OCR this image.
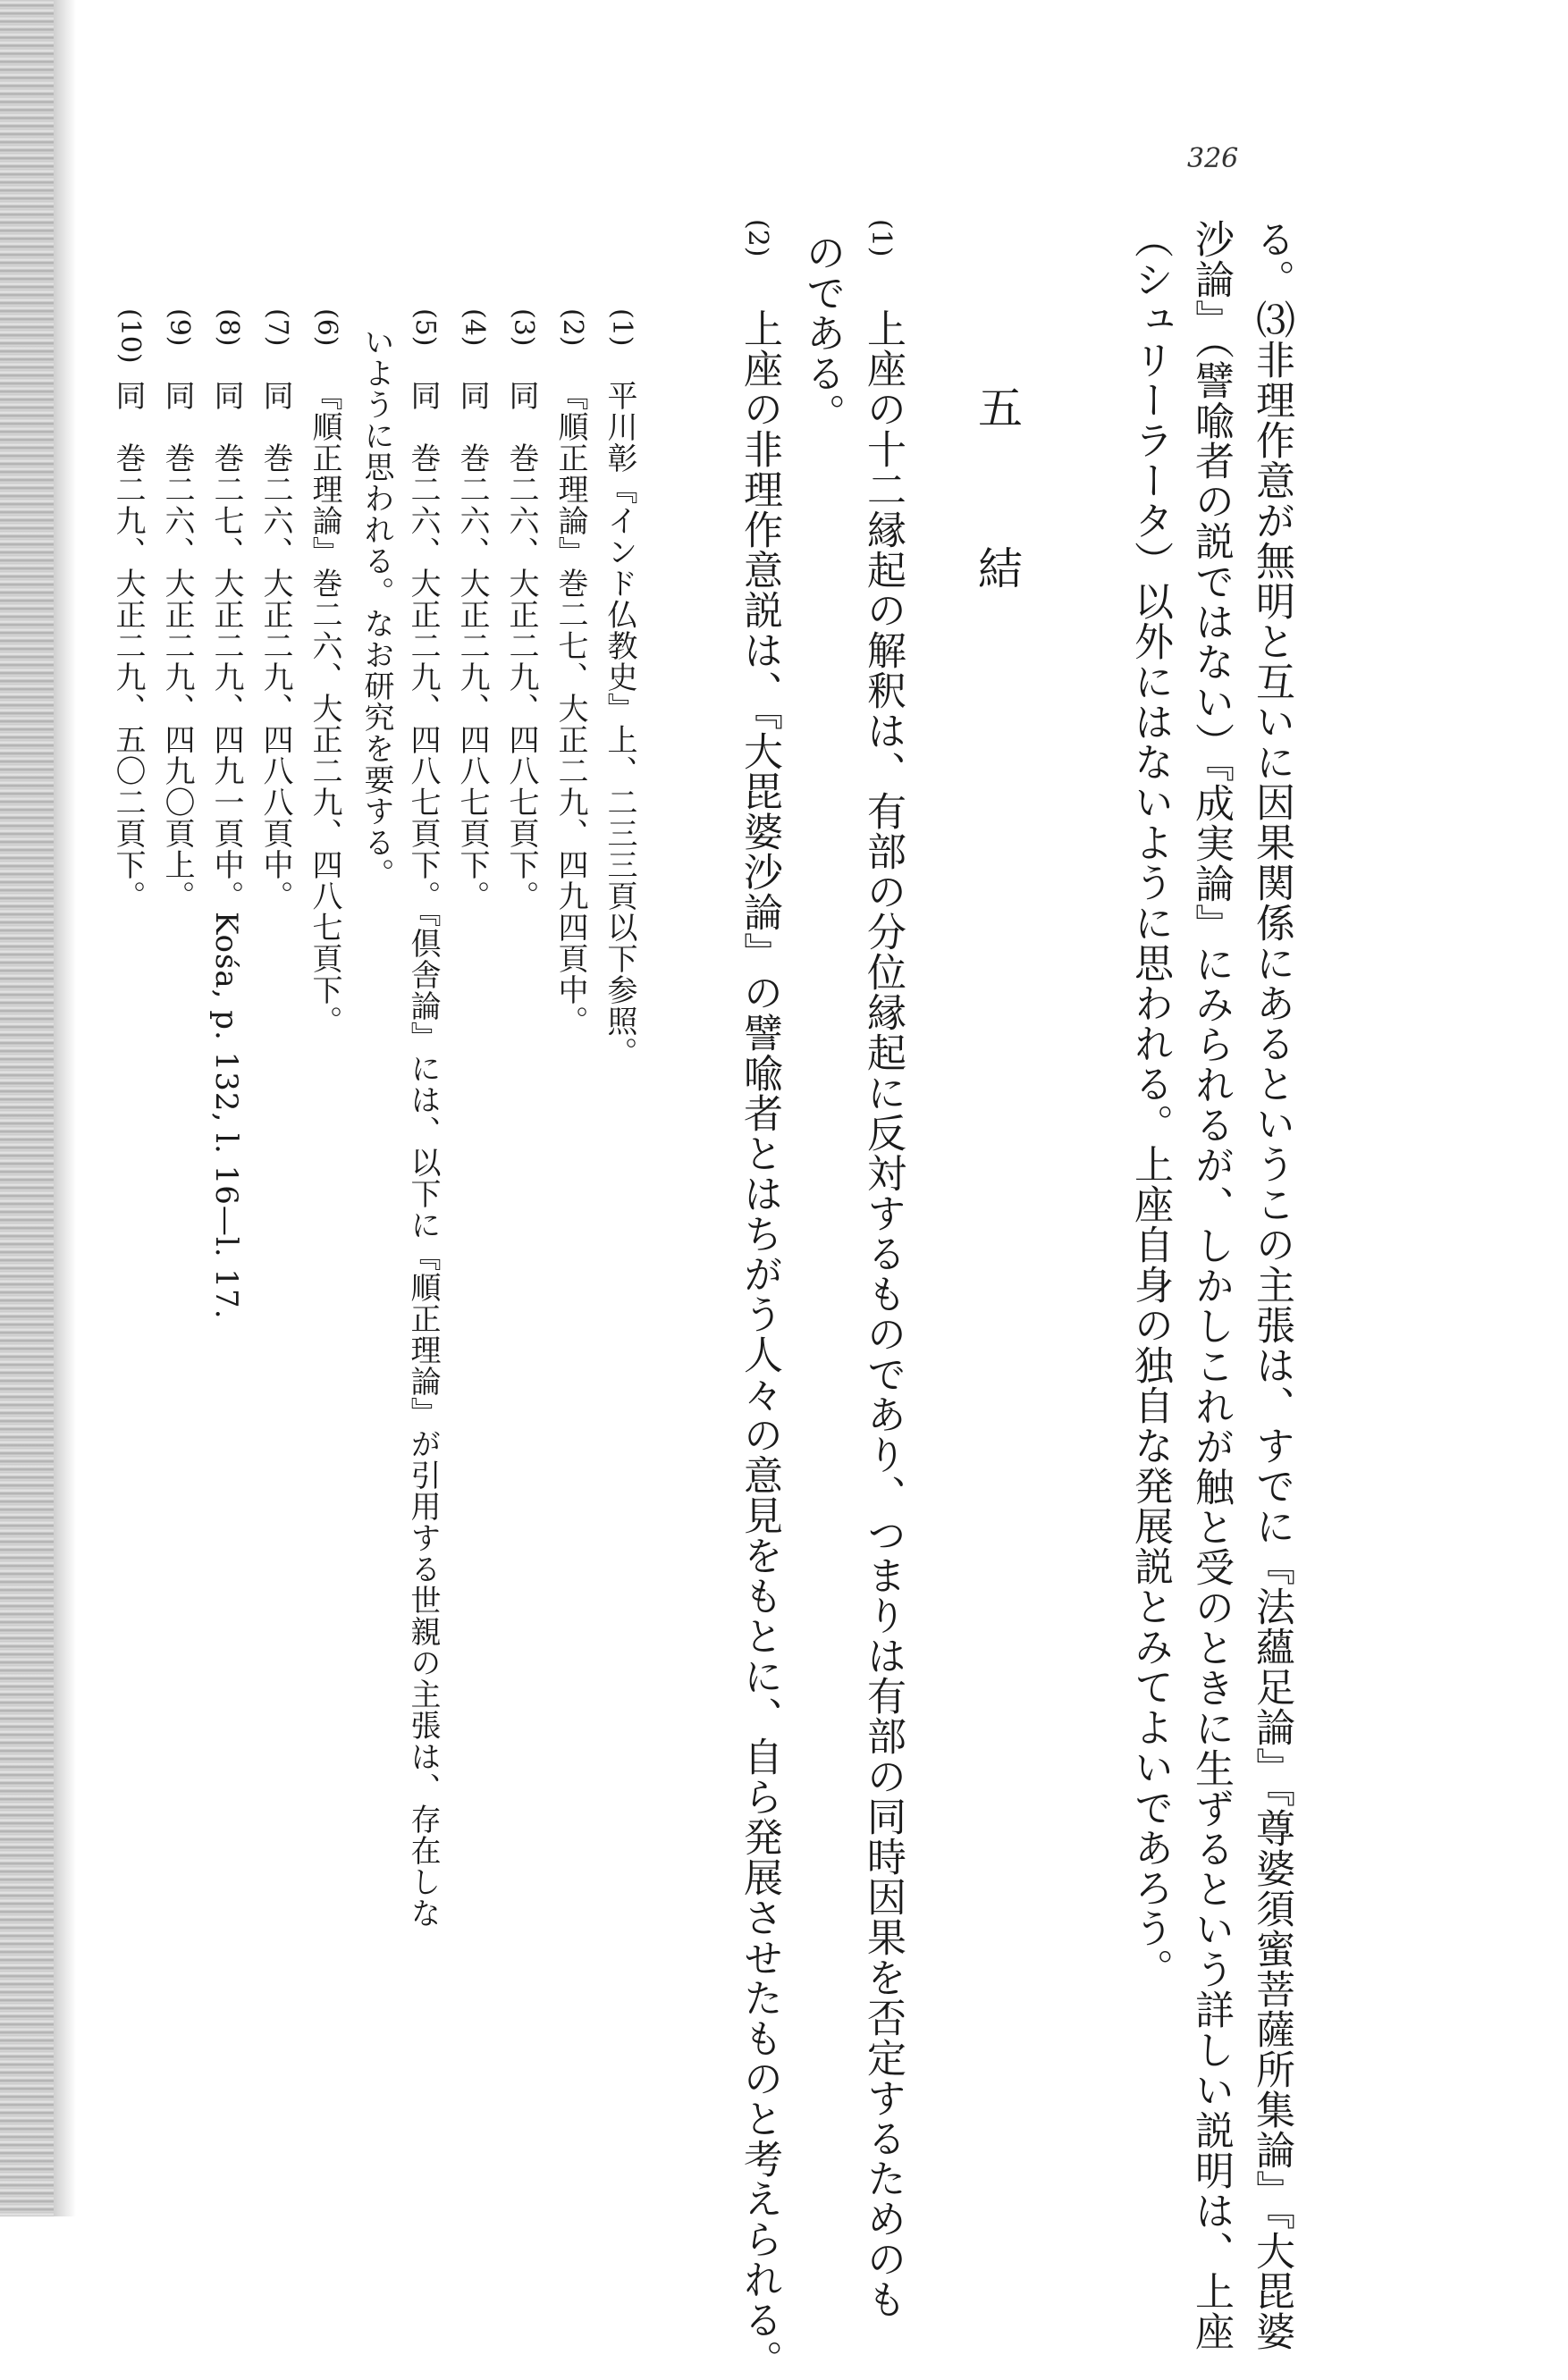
326
る。⑶非理作意が無明と互いに因果関係にあるというこの主張は、すでに『法蘊足論』『尊婆須蜜菩薩所集論』『大毘婆
沙論』（譬喩者の説ではない）『成実論』にみられるが、しかしこれが触と受のときに生ずるという詳しい説明は、上座
（シュリーラータ）以外にはないように思われる。上座自身の独自な発展説とみてよいであろう。
五　結
(1)
上座の十二縁起の解釈は、有部の分位縁起に反対するものであり、つまりは有部の同時因果を否定するためのも
のである。
(2)
上座の非理作意説は、『大毘婆沙論』の譬喩者とはちがう人々の意見をもとに、自ら発展させたものと考えられる。
(1)
平川彰『インド仏教史』上、二三三頁以下参照。
(2)
『順正理論』巻二七、大正二九、四九四頁中。
(3)
同　巻二六、大正二九、四八七頁下。
(4)
同　巻二六、大正二九、四八七頁下。
(5)
同　巻二六、大正二九、四八七頁下。『倶舎論』には、以下に『順正理論』が引用する世親の主張は、存在しな
いように思われる。なお研究を要する。
(6)
『順正理論』巻二六、大正二九、四八七頁下。
(7)
同　巻二六、大正二九、四八八頁中。
(8)
同　巻二七、大正二九、四九一頁中。Kośa, p. 132, l. 16—l. 17.
(9)
同　巻二六、大正二九、四九〇頁上。
(10)
同　巻二九、大正二九、五〇二頁下。
